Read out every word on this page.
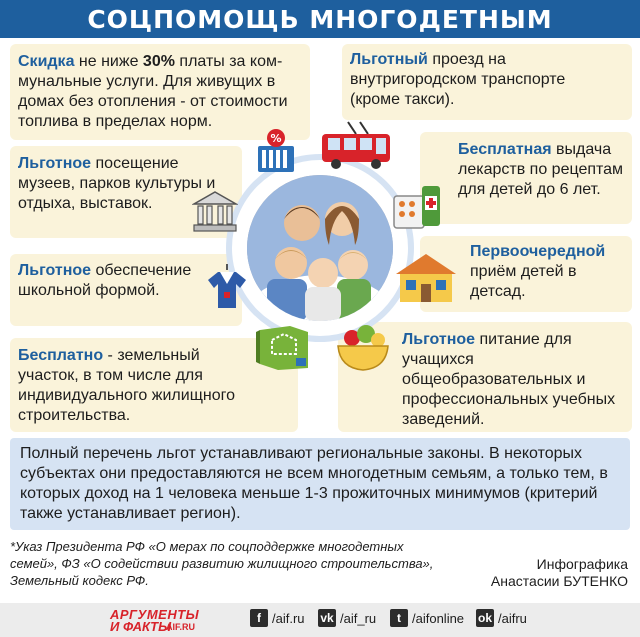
СОЦПОМОЩЬ МНОГОДЕТНЫМ
Скидка не ниже 30% платы за ком-мунальные услуги. Для живущих в домах без отопления - от стоимости топлива в пределах норм.
Льготное посещение музеев, парков культуры и отдыха, выставок.
Льготное обеспечение школьной формой.
Бесплатно - земельный участок, в том числе для индивидуального жилищного строительства.
Льготный проезд на внутригородском транспорте (кроме такси).
Бесплатная выдача лекарств по рецептам для детей до 6 лет.
Первоочередной приём детей в детсад.
Льготное питание для учащихся общеобразовательных и профессиональных учебных заведений.
%
Полный перечень льгот устанавливают региональные законы. В некоторых субъектах они предоставляются не всем многодетным семьям, а только тем, в которых доход на 1 человека меньше 1-3 прожиточных минимумов (критерий также устанавливает регион).
*Указ Президента РФ «О мерах по соцподдержке многодетных семей», ФЗ «О содействии развитию жилищного строительства», Земельный кодекс РФ.
Инфографика
Анастасии БУТЕНКО
АРГУМЕНТЫ
И ФАКТЫ
AIF.RU
f /aif.ru vk /aif_ru	t /aifonline ok /aifru
